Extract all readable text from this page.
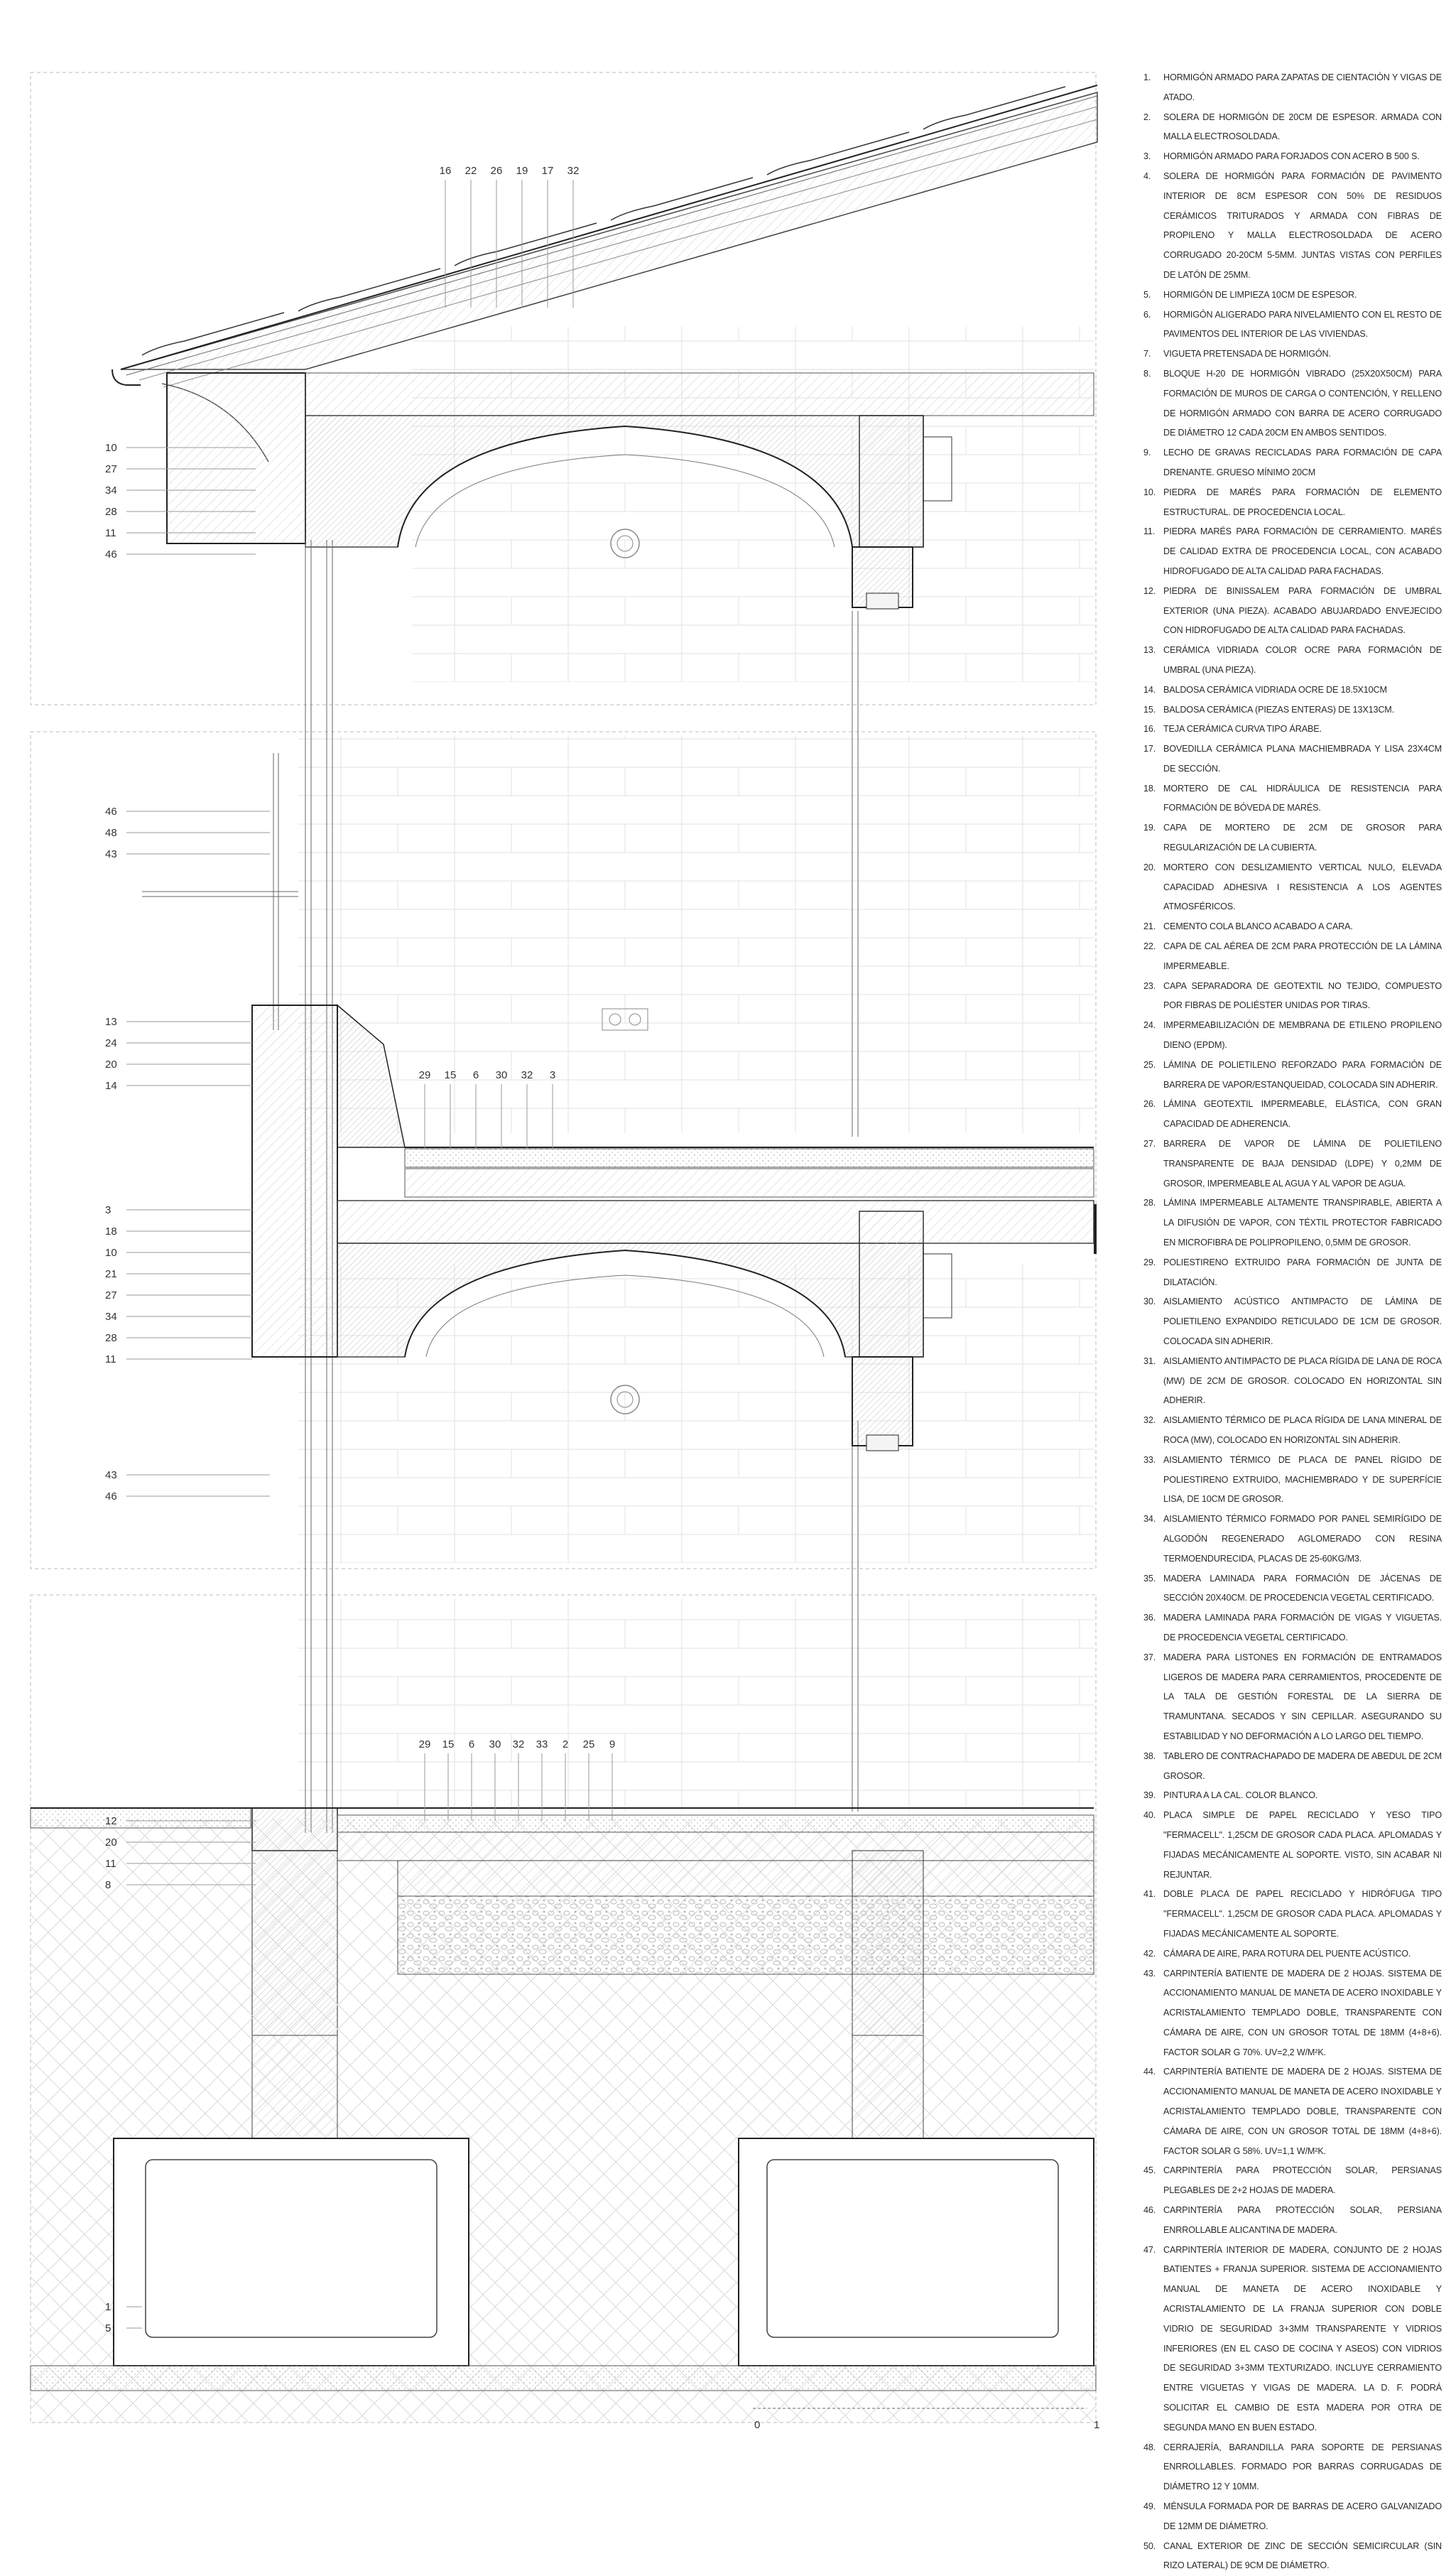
0	1
16 22 26 19 17 32
10
27
34
28
11
46
46
48
43
13
24
20
14
3
18
10
21
27
34
28
11
43
46
29 15 6 30 32 3
29 15 6 30 32 33 2 25 9
12
20
11
8
1
5
1.	HORMIGÓN ARMADO PARA ZAPATAS DE CIENTACIÓN Y VIGAS DE ATADO.
2.	SOLERA DE HORMIGÓN DE 20CM DE ESPESOR. ARMADA CON MALLA ELECTROSOLDADA.
3.	HORMIGÓN ARMADO PARA FORJADOS CON ACERO B 500 S.
4.	SOLERA DE HORMIGÓN PARA FORMACIÓN DE PAVIMENTO INTERIOR DE 8CM ESPESOR CON 50% DE RESIDUOS CERÁMICOS TRITURADOS Y ARMADA CON FIBRAS DE PROPILENO Y MALLA ELECTROSOLDADA DE ACERO CORRUGADO 20-20CM 5-5MM. JUNTAS VISTAS CON PERFILES DE LATÓN DE 25MM.
5.	HORMIGÓN DE LIMPIEZA 10CM DE ESPESOR.
6.	HORMIGÓN ALIGERADO PARA NIVELAMIENTO CON EL RESTO DE PAVIMENTOS DEL INTERIOR DE LAS VIVIENDAS.
7.	VIGUETA PRETENSADA DE HORMIGÓN.
8.	BLOQUE H-20 DE HORMIGÓN VIBRADO (25X20X50CM) PARA FORMACIÓN DE MUROS DE CARGA O CONTENCIÓN, Y RELLENO DE HORMIGÓN ARMADO CON BARRA DE ACERO CORRUGADO DE DIÁMETRO 12 CADA 20CM EN AMBOS SENTIDOS.
9.	LECHO DE GRAVAS RECICLADAS PARA FORMACIÓN DE CAPA DRENANTE. GRUESO MÍNIMO 20CM
10. PIEDRA DE MARÉS PARA FORMACIÓN DE ELEMENTO ESTRUCTURAL. DE PROCEDENCIA LOCAL.
11. PIEDRA MARÉS PARA FORMACIÓN DE CERRAMIENTO. MARÉS DE CALIDAD EXTRA DE PROCEDENCIA LOCAL, CON ACABADO HIDROFUGADO DE ALTA CALIDAD PARA FACHADAS.
12. PIEDRA DE BINISSALEM PARA FORMACIÓN DE UMBRAL EXTERIOR (UNA PIEZA). ACABADO ABUJARDADO ENVEJECIDO CON HIDROFUGADO DE ALTA CALIDAD PARA FACHADAS.
13. CERÁMICA VIDRIADA COLOR OCRE PARA FORMACIÓN DE UMBRAL (UNA PIEZA).
14. BALDOSA CERÁMICA VIDRIADA OCRE DE 18.5X10CM
15. BALDOSA CERÁMICA (PIEZAS ENTERAS) DE 13X13CM.
16. TEJA CERÁMICA CURVA TIPO ÁRABE.
17. BOVEDILLA CERÁMICA PLANA MACHIEMBRADA Y LISA 23X4CM DE SECCIÓN.
18. MORTERO DE CAL HIDRÁULICA DE RESISTENCIA PARA FORMACIÓN DE BÓVEDA DE MARÉS.
19. CAPA DE MORTERO DE 2CM DE GROSOR PARA REGULARIZACIÓN DE LA CUBIERTA.
20. MORTERO CON DESLIZAMIENTO VERTICAL NULO, ELEVADA CAPACIDAD ADHESIVA I RESISTENCIA A LOS AGENTES ATMOSFÉRICOS.
21. CEMENTO COLA BLANCO ACABADO A CARA.
22. CAPA DE CAL AÉREA DE 2CM PARA PROTECCIÓN DE LA LÁMINA IMPERMEABLE.
23. CAPA SEPARADORA DE GEOTEXTIL NO TEJIDO, COMPUESTO POR FIBRAS DE POLIÉSTER UNIDAS POR TIRAS.
24. IMPERMEABILIZACIÓN DE MEMBRANA DE ETILENO PROPILENO DIENO (EPDM).
25. LÁMINA DE POLIETILENO REFORZADO PARA FORMACIÓN DE BARRERA DE VAPOR/ESTANQUEIDAD, COLOCADA SIN ADHERIR.
26. LÁMINA GEOTEXTIL IMPERMEABLE, ELÁSTICA, CON GRAN CAPACIDAD DE ADHERENCIA.
27. BARRERA DE VAPOR DE LÁMINA DE POLIETILENO TRANSPARENTE DE BAJA DENSIDAD (LDPE) Y 0,2MM DE GROSOR, IMPERMEABLE AL AGUA Y AL VAPOR DE AGUA.
28. LÁMINA IMPERMEABLE ALTAMENTE TRANSPIRABLE, ABIERTA A LA DIFUSIÓN DE VAPOR, CON TÉXTIL PROTECTOR FABRICADO EN MICROFIBRA DE POLIPROPILENO, 0,5MM DE GROSOR.
29. POLIESTIRENO EXTRUIDO PARA FORMACIÓN DE JUNTA DE DILATACIÓN.
30. AISLAMIENTO ACÚSTICO ANTIMPACTO DE LÁMINA DE POLIETILENO EXPANDIDO RETICULADO DE 1CM DE GROSOR. COLOCADA SIN ADHERIR.
31. AISLAMIENTO ANTIMPACTO DE PLACA RÍGIDA DE LANA DE ROCA (MW) DE 2CM DE GROSOR. COLOCADO EN HORIZONTAL SIN ADHERIR.
32. AISLAMIENTO TÉRMICO DE PLACA RÍGIDA DE LANA MINERAL DE ROCA (MW), COLOCADO EN HORIZONTAL SIN ADHERIR.
33. AISLAMIENTO TÉRMICO DE PLACA DE PANEL RÍGIDO DE POLIESTIRENO EXTRUIDO, MACHIEMBRADO Y DE SUPERFÍCIE LISA, DE 10CM DE GROSOR.
34. AISLAMIENTO TÉRMICO FORMADO POR PANEL SEMIRÍGIDO DE ALGODÓN REGENERADO AGLOMERADO CON RESINA TERMOENDURECIDA, PLACAS DE 25-60KG/M3.
35. MADERA LAMINADA PARA FORMACIÓN DE JÁCENAS DE SECCIÓN 20X40CM. DE PROCEDENCIA VEGETAL CERTIFICADO.
36. MADERA LAMINADA PARA FORMACIÓN DE VIGAS Y VIGUETAS. DE PROCEDENCIA VEGETAL CERTIFICADO.
37. MADERA PARA LISTONES EN FORMACIÓN DE ENTRAMADOS LIGEROS DE MADERA PARA CERRAMIENTOS, PROCEDENTE DE LA TALA DE GESTIÓN FORESTAL DE LA SIERRA DE TRAMUNTANA. SECADOS Y SIN CEPILLAR. ASEGURANDO SU ESTABILIDAD Y NO DEFORMACIÓN A LO LARGO DEL TIEMPO.
38. TABLERO DE CONTRACHAPADO DE MADERA DE ABEDUL DE 2CM GROSOR.
39. PINTURA A LA CAL. COLOR BLANCO.
40. PLACA SIMPLE DE PAPEL RECICLADO Y YESO TIPO "FERMACELL". 1,25CM DE GROSOR CADA PLACA. APLOMADAS Y FIJADAS MECÁNICAMENTE AL SOPORTE. VISTO, SIN ACABAR NI REJUNTAR.
41. DOBLE PLACA DE PAPEL RECICLADO Y HIDRÓFUGA TIPO "FERMACELL". 1,25CM DE GROSOR CADA PLACA. APLOMADAS Y FIJADAS MECÁNICAMENTE AL SOPORTE.
42. CÁMARA DE AIRE, PARA ROTURA DEL PUENTE ACÚSTICO.
43. CARPINTERÍA BATIENTE DE MADERA DE 2 HOJAS. SISTEMA DE ACCIONAMIENTO MANUAL DE MANETA DE ACERO INOXIDABLE Y ACRISTALAMIENTO TEMPLADO DOBLE, TRANSPARENTE CON CÁMARA DE AIRE, CON UN GROSOR TOTAL DE 18MM (4+8+6). FACTOR SOLAR G 70%. UV=2,2 W/M²K.
44. CARPINTERÍA BATIENTE DE MADERA DE 2 HOJAS. SISTEMA DE ACCIONAMIENTO MANUAL DE MANETA DE ACERO INOXIDABLE Y ACRISTALAMIENTO TEMPLADO DOBLE, TRANSPARENTE CON CÁMARA DE AIRE, CON UN GROSOR TOTAL DE 18MM (4+8+6). FACTOR SOLAR G 58%. UV=1,1 W/M²K.
45. CARPINTERÍA PARA PROTECCIÓN SOLAR, PERSIANAS PLEGABLES DE 2+2 HOJAS DE MADERA.
46. CARPINTERÍA PARA PROTECCIÓN SOLAR, PERSIANA ENRROLLABLE ALICANTINA DE MADERA.
47. CARPINTERÍA INTERIOR DE MADERA, CONJUNTO DE 2 HOJAS BATIENTES + FRANJA SUPERIOR. SISTEMA DE ACCIONAMIENTO MANUAL DE MANETA DE ACERO INOXIDABLE Y ACRISTALAMIENTO DE LA FRANJA SUPERIOR CON DOBLE VIDRIO DE SEGURIDAD 3+3MM TRANSPARENTE Y VIDRIOS INFERIORES (EN EL CASO DE COCINA Y ASEOS) CON VIDRIOS DE SEGURIDAD 3+3MM TEXTURIZADO. INCLUYE CERRAMIENTO ENTRE VIGUETAS Y VIGAS DE MADERA. LA D. F. PODRÁ SOLICITAR EL CAMBIO DE ESTA MADERA POR OTRA DE SEGUNDA MANO EN BUEN ESTADO.
48. CERRAJERÍA, BARANDILLA PARA SOPORTE DE PERSIANAS ENRROLLABLES. FORMADO POR BARRAS CORRUGADAS DE DIÁMETRO 12 Y 10MM.
49. MÉNSULA FORMADA POR DE BARRAS DE ACERO GALVANIZADO DE 12MM DE DIÁMETRO.
50. CANAL EXTERIOR DE ZINC DE SECCIÓN SEMICIRCULAR (SIN RIZO LATERAL) DE 9CM DE DIÁMETRO.
